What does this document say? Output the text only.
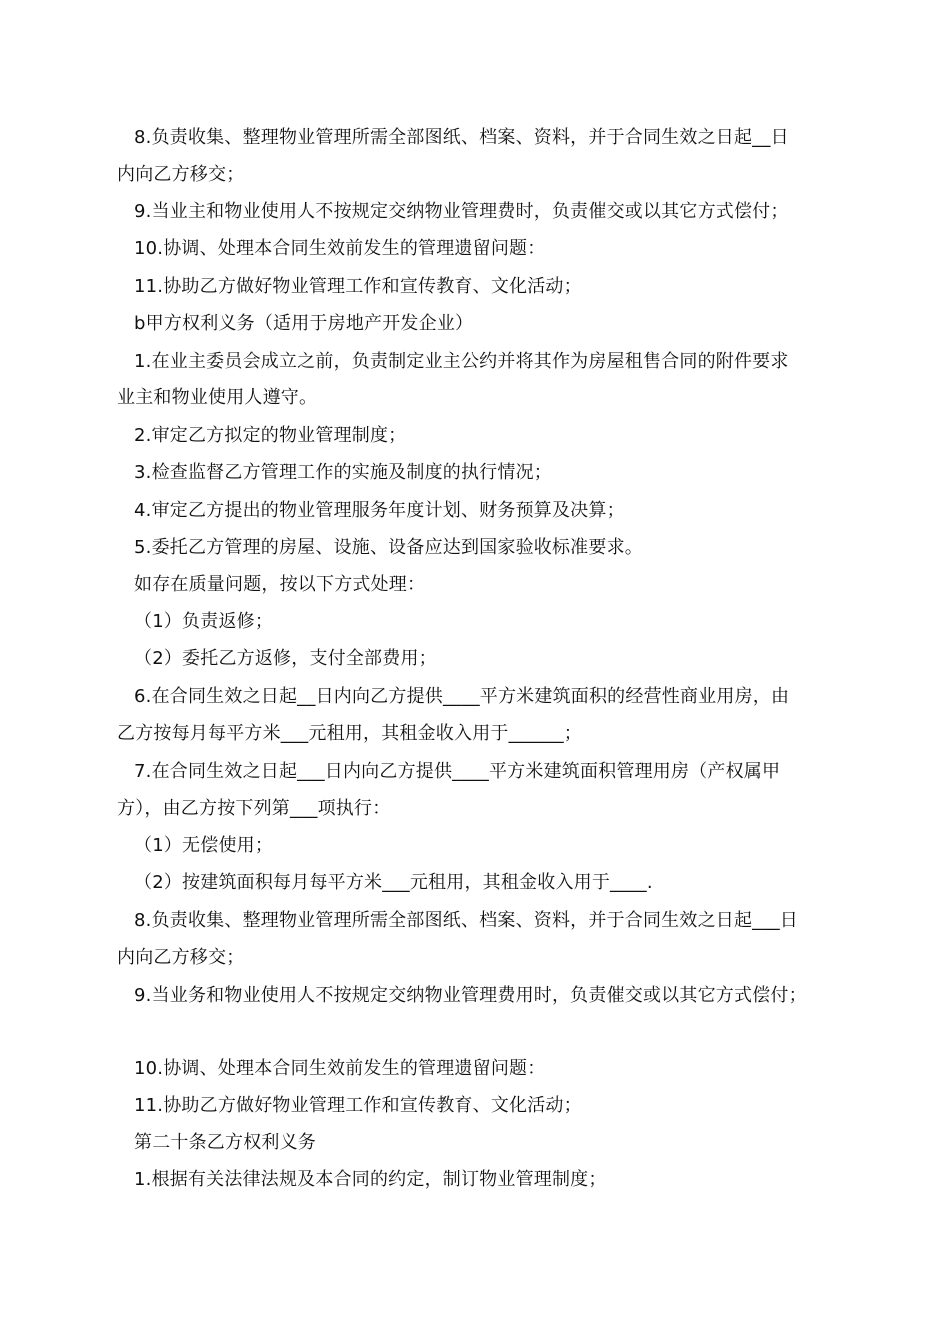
8.负责收集、整理物业管理所需全部图纸、档案、资料，并于合同生效之日起__日
内向乙方移交；
9.当业主和物业使用人不按规定交纳物业管理费时，负责催交或以其它方式偿付；
10.协调、处理本合同生效前发生的管理遗留问题：
11.协助乙方做好物业管理工作和宣传教育、文化活动；
b甲方权利义务（适用于房地产开发企业）
1.在业主委员会成立之前，负责制定业主公约并将其作为房屋租售合同的附件要求
业主和物业使用人遵守。
2.审定乙方拟定的物业管理制度；
3.检查监督乙方管理工作的实施及制度的执行情况；
4.审定乙方提出的物业管理服务年度计划、财务预算及决算；
5.委托乙方管理的房屋、设施、设备应达到国家验收标准要求。
如存在质量问题，按以下方式处理：
（1）负责返修；
（2）委托乙方返修，支付全部费用；
6.在合同生效之日起__日内向乙方提供____平方米建筑面积的经营性商业用房，由
乙方按每月每平方米___元租用，其租金收入用于______；
7.在合同生效之日起___日内向乙方提供____平方米建筑面积管理用房（产权属甲
方），由乙方按下列第___项执行：
（1）无偿使用；
（2）按建筑面积每月每平方米___元租用，其租金收入用于____.
8.负责收集、整理物业管理所需全部图纸、档案、资料，并于合同生效之日起___日
内向乙方移交；
9.当业务和物业使用人不按规定交纳物业管理费用时，负责催交或以其它方式偿付；
10.协调、处理本合同生效前发生的管理遗留问题：
11.协助乙方做好物业管理工作和宣传教育、文化活动；
第二十条乙方权利义务
1.根据有关法律法规及本合同的约定，制订物业管理制度；
